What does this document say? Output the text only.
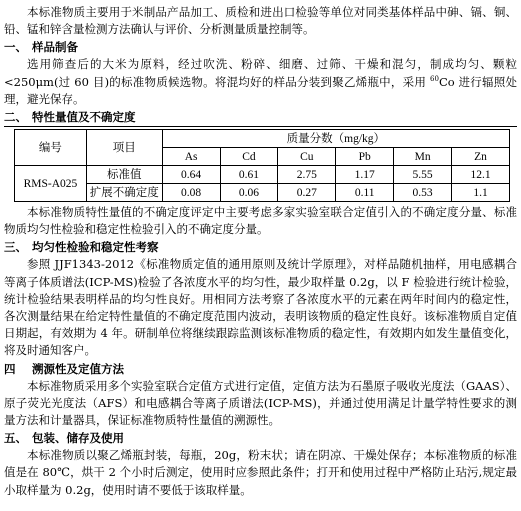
本标准物质主要用于米制品产品加工、质检和进出口检验等单位对同类基体样品中砷、镉、铜、铅、锰和锌含量检测方法确认与评价、分析测量质量控制等。

一、 样品制备

选用筛查后的大米为原料，经过吹洗、粉碎、细磨、过筛、干燥和混匀，制成均匀、颗粒<250μm(过 60 目)的标准物质候选物。将混均好的样品分装到聚乙烯瓶中，采用 $^{60}$Co 进行辐照处理，避光保存。

二、 特性量值及不确定度
编号	项目	质量分数（mg/kg）					
		As	Cd	Cu	Pb	Mn	Zn
RMS-A025	标准值	0.64	0.61	2.75	1.17	5.55	12.1
	扩展不确定度	0.08	0.06	0.27	0.11	0.53	1.1

本标准物质特性量值的不确定度评定中主要考虑多家实验室联合定值引入的不确定度分量、标准物质均匀性检验和稳定性检验引入的不确定度分量。

三、 均匀性检验和稳定性考察

参照 JJF1343-2012《标准物质定值的通用原则及统计学原理》，对样品随机抽样，用电感耦合等离子体质谱法(ICP-MS)检验了各浓度水平的均匀性，最少取样量 0.2g，以 F 检验进行统计检验，统计检验结果表明样品的均匀性良好。用相同方法考察了各浓度水平的元素在两年时间内的稳定性，各次测量结果在给定特性量值的不确定度范围内波动，表明该物质的稳定性良好。该标准物质自定值日期起，有效期为 4 年。研制单位将继续跟踪监测该标准物质的稳定性，有效期内如发生量值变化，将及时通知客户。

四 溯源性及定值方法

本标准物质采用多个实验室联合定值方式进行定值，定值方法为石墨原子吸收光度法（GAAS）、原子荧光光度法（AFS）和电感耦合等离子质谱法(ICP-MS)，并通过使用满足计量学特性要求的测量方法和计量器具，保证标准物质特性量值的溯源性。

五、 包装、储存及使用

本标准物质以聚乙烯瓶封装，每瓶，20g，粉末状；请在阴凉、干燥处保存；本标准物质的标准值是在 80℃，烘干 2 个小时后测定，使用时应参照此条件；打开和使用过程中严格防止玷污,规定最小取样量为 0.2g，使用时请不要低于该取样量。
